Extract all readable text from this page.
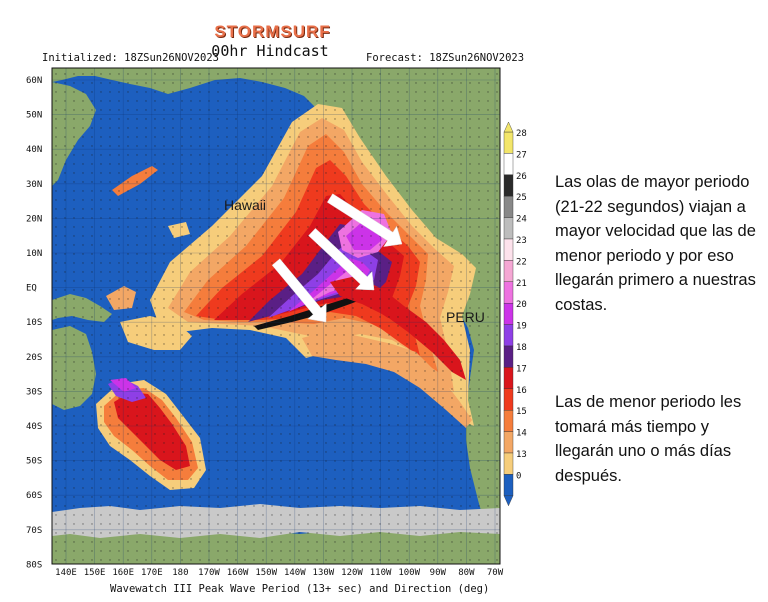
60N
50N
40N
30N
20N
10N
EQ
10S
20S
30S
40S
50S
60S
70S
80S
140E 150E 160E 170E 180 170W 160W 150W 140W 130W 120W 110W 100W 90W 80W 70W
Hawaii
PERU
28
27
26
25
24
23
22
21
20
19
18
17
16
15
14
13
0
STORMSURF
00hr Hindcast
Initialized: 18ZSun26NOV2023	Forecast: 18ZSun26NOV2023
Wavewatch III Peak Wave Period (13+ sec) and Direction (deg)

Las olas de mayor periodo (21-22 segundos) viajan a mayor velocidad que las de menor periodo y por eso llegarán primero a nuestras costas.

Las de menor periodo les tomará más tiempo y llegarán uno o más días después.
